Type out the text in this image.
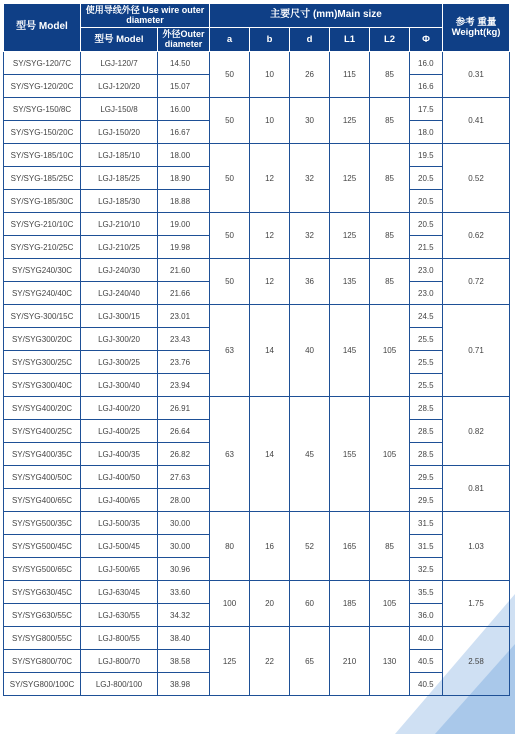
型号 Model	使用导线外径 Use wire outer diameter		主要尺寸 (mm)Main size						参考 重量 Weight(kg)
	型号 Model	外径Outer diameter	a	b	d	L1	L2	Φ	
SY/SYG-120/7C	LGJ-120/7	14.50	50	10	26	115	85	16.0	0.31
SY/SYG-120/20C	LGJ-120/20	15.07						16.6	
SY/SYG-150/8C	LGJ-150/8	16.00	50	10	30	125	85	17.5	0.41
SY/SYG-150/20C	LGJ-150/20	16.67						18.0	
SY/SYG-185/10C	LGJ-185/10	18.00	50	12	32	125	85	19.5	0.52
SY/SYG-185/25C	LGJ-185/25	18.90						20.5	
SY/SYG-185/30C	LGJ-185/30	18.88						20.5	
SY/SYG-210/10C	LGJ-210/10	19.00	50	12	32	125	85	20.5	0.62
SY/SYG-210/25C	LGJ-210/25	19.98						21.5	
SY/SYG240/30C	LGJ-240/30	21.60	50	12	36	135	85	23.0	0.72
SY/SYG240/40C	LGJ-240/40	21.66						23.0	
SY/SYG-300/15C	LGJ-300/15	23.01	63	14	40	145	105	24.5	0.71
SY/SYG300/20C	LGJ-300/20	23.43						25.5	
SY/SYG300/25C	LGJ-300/25	23.76						25.5	
SY/SYG300/40C	LGJ-300/40	23.94						25.5	
SY/SYG400/20C	LGJ-400/20	26.91	63	14	45	155	105	28.5	0.82
SY/SYG400/25C	LGJ-400/25	26.64						28.5	
SY/SYG400/35C	LGJ-400/35	26.82						28.5	
SY/SYG400/50C	LGJ-400/50	27.63						29.5	0.81
SY/SYG400/65C	LGJ-400/65	28.00						29.5	
SY/SYG500/35C	LGJ-500/35	30.00	80	16	52	165	85	31.5	1.03
SY/SYG500/45C	LGJ-500/45	30.00						31.5	
SY/SYG500/65C	LGJ-500/65	30.96						32.5	
SY/SYG630/45C	LGJ-630/45	33.60	100	20	60	185	105	35.5	1.75
SY/SYG630/55C	LGJ-630/55	34.32						36.0	
SY/SYG800/55C	LGJ-800/55	38.40	125	22	65	210	130	40.0	2.58
SY/SYG800/70C	LGJ-800/70	38.58						40.5	
SY/SYG800/100C	LGJ-800/100	38.98						40.5	
